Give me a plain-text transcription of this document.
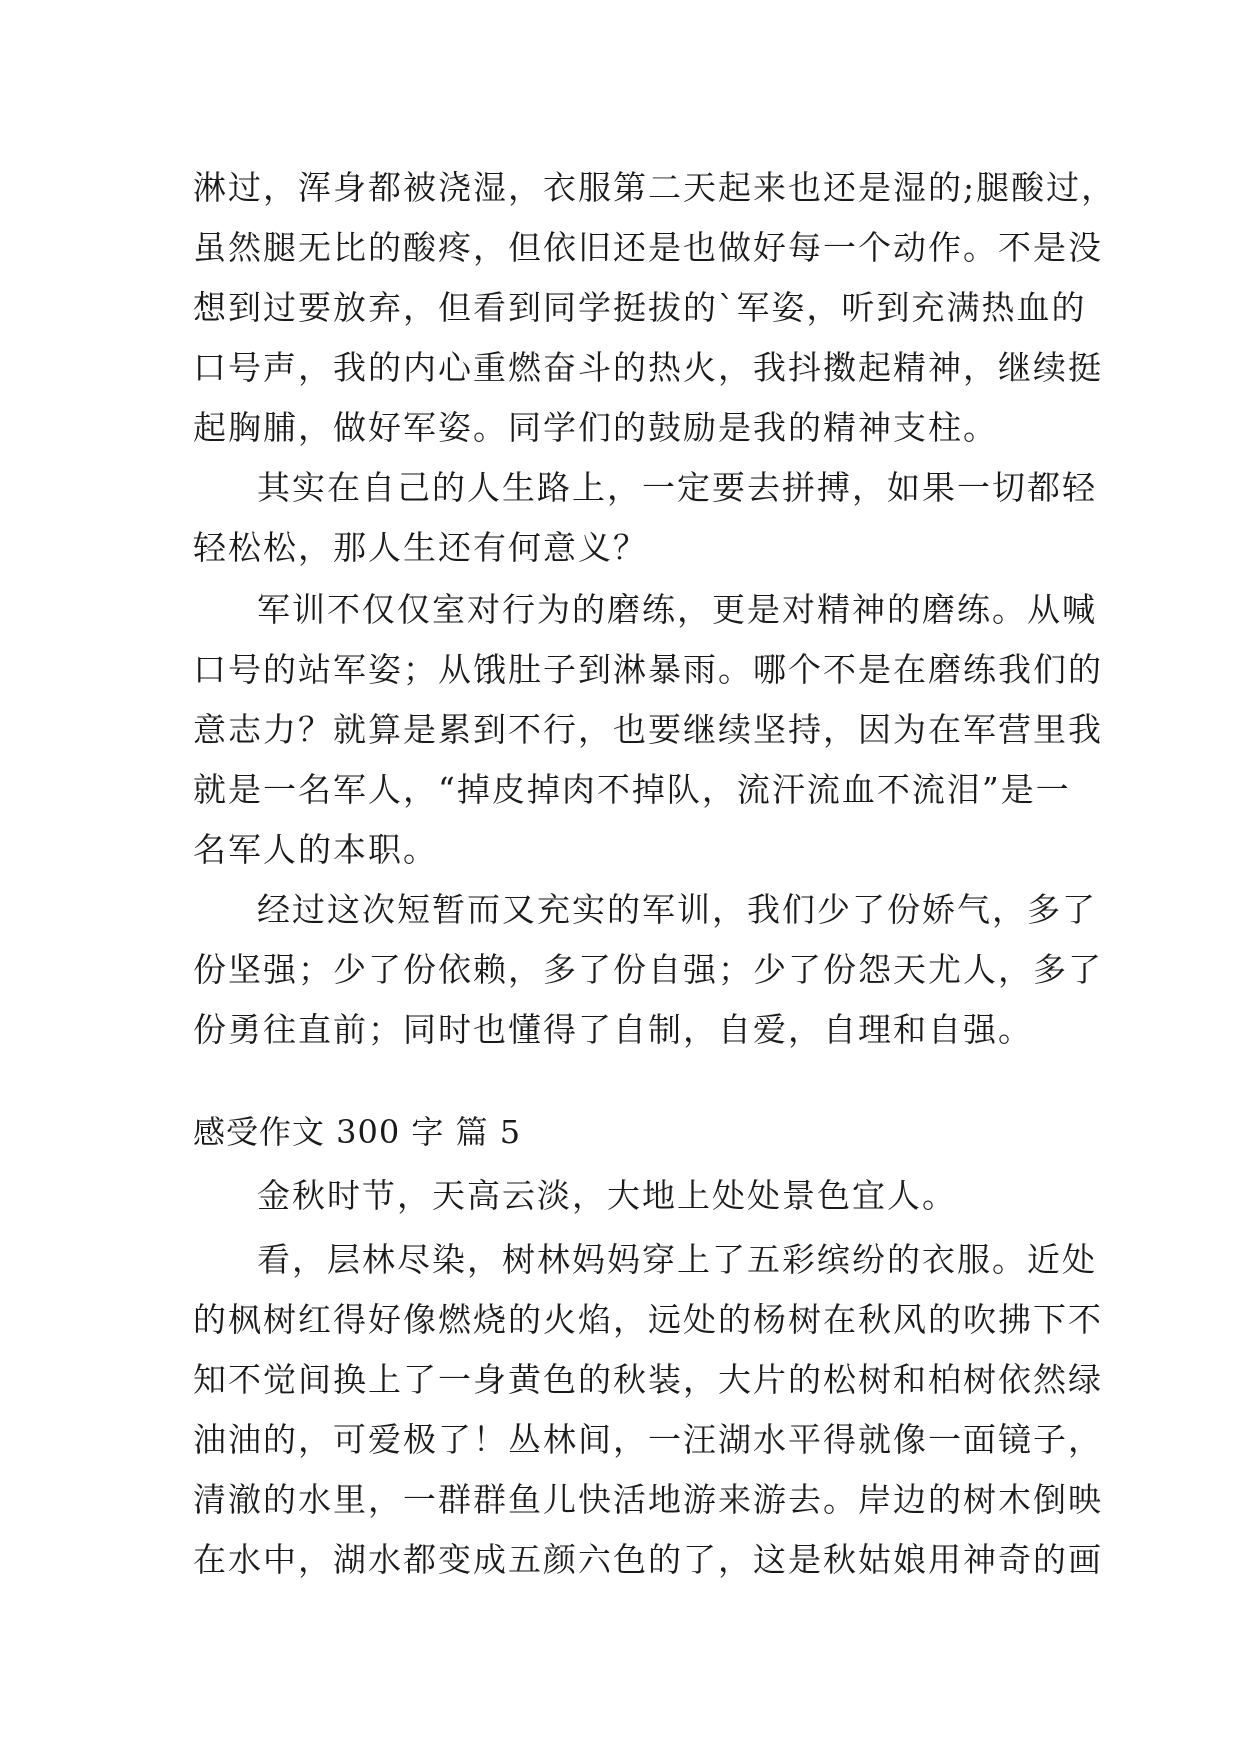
淋过，浑身都被浇湿，衣服第二天起来也还是湿的;腿酸过，
虽然腿无比的酸疼，但依旧还是也做好每一个动作。不是没
想到过要放弃，但看到同学挺拔的`军姿，听到充满热血的
口号声，我的内心重燃奋斗的热火，我抖擞起精神，继续挺
起胸脯，做好军姿。同学们的鼓励是我的精神支柱。
其实在自己的人生路上，一定要去拼搏，如果一切都轻
轻松松，那人生还有何意义？
军训不仅仅室对行为的磨练，更是对精神的磨练。从喊
口号的站军姿；从饿肚子到淋暴雨。哪个不是在磨练我们的
意志力？就算是累到不行，也要继续坚持，因为在军营里我
就是一名军人，“掉皮掉肉不掉队，流汗流血不流泪”是一
名军人的本职。
经过这次短暂而又充实的军训，我们少了份娇气，多了
份坚强；少了份依赖，多了份自强；少了份怨天尤人，多了
份勇往直前；同时也懂得了自制，自爱，自理和自强。
感受作文 300 字 篇 5
金秋时节，天高云淡，大地上处处景色宜人。
看，层林尽染，树林妈妈穿上了五彩缤纷的衣服。近处
的枫树红得好像燃烧的火焰，远处的杨树在秋风的吹拂下不
知不觉间换上了一身黄色的秋装，大片的松树和柏树依然绿
油油的，可爱极了！丛林间，一汪湖水平得就像一面镜子，
清澈的水里，一群群鱼儿快活地游来游去。岸边的树木倒映
在水中，湖水都变成五颜六色的了，这是秋姑娘用神奇的画
